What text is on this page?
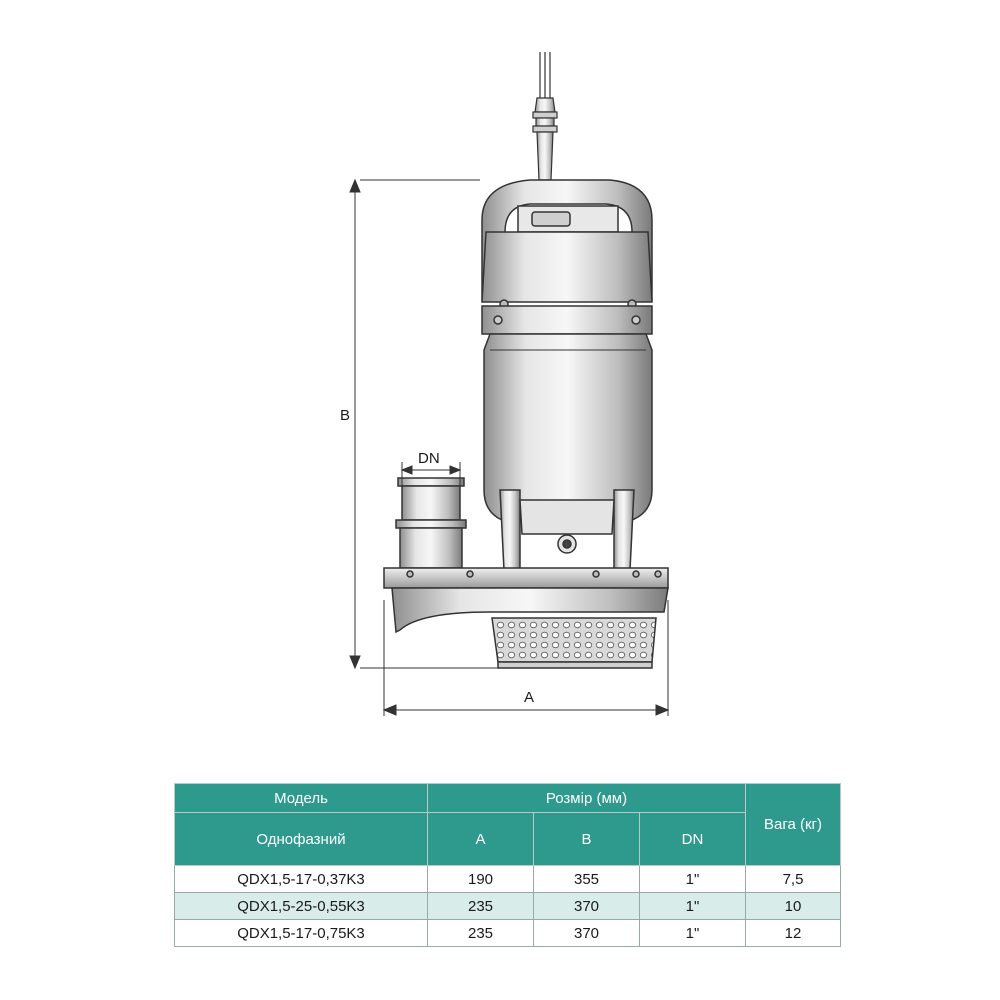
B
A
DN
Модель	Розмір (мм)			Вага (кг)
Однофазний	A	B	DN	
QDX1,5-17-0,37K3	190	355	1"	7,5
QDX1,5-25-0,55K3	235	370	1"	10
QDX1,5-17-0,75K3	235	370	1"	12
